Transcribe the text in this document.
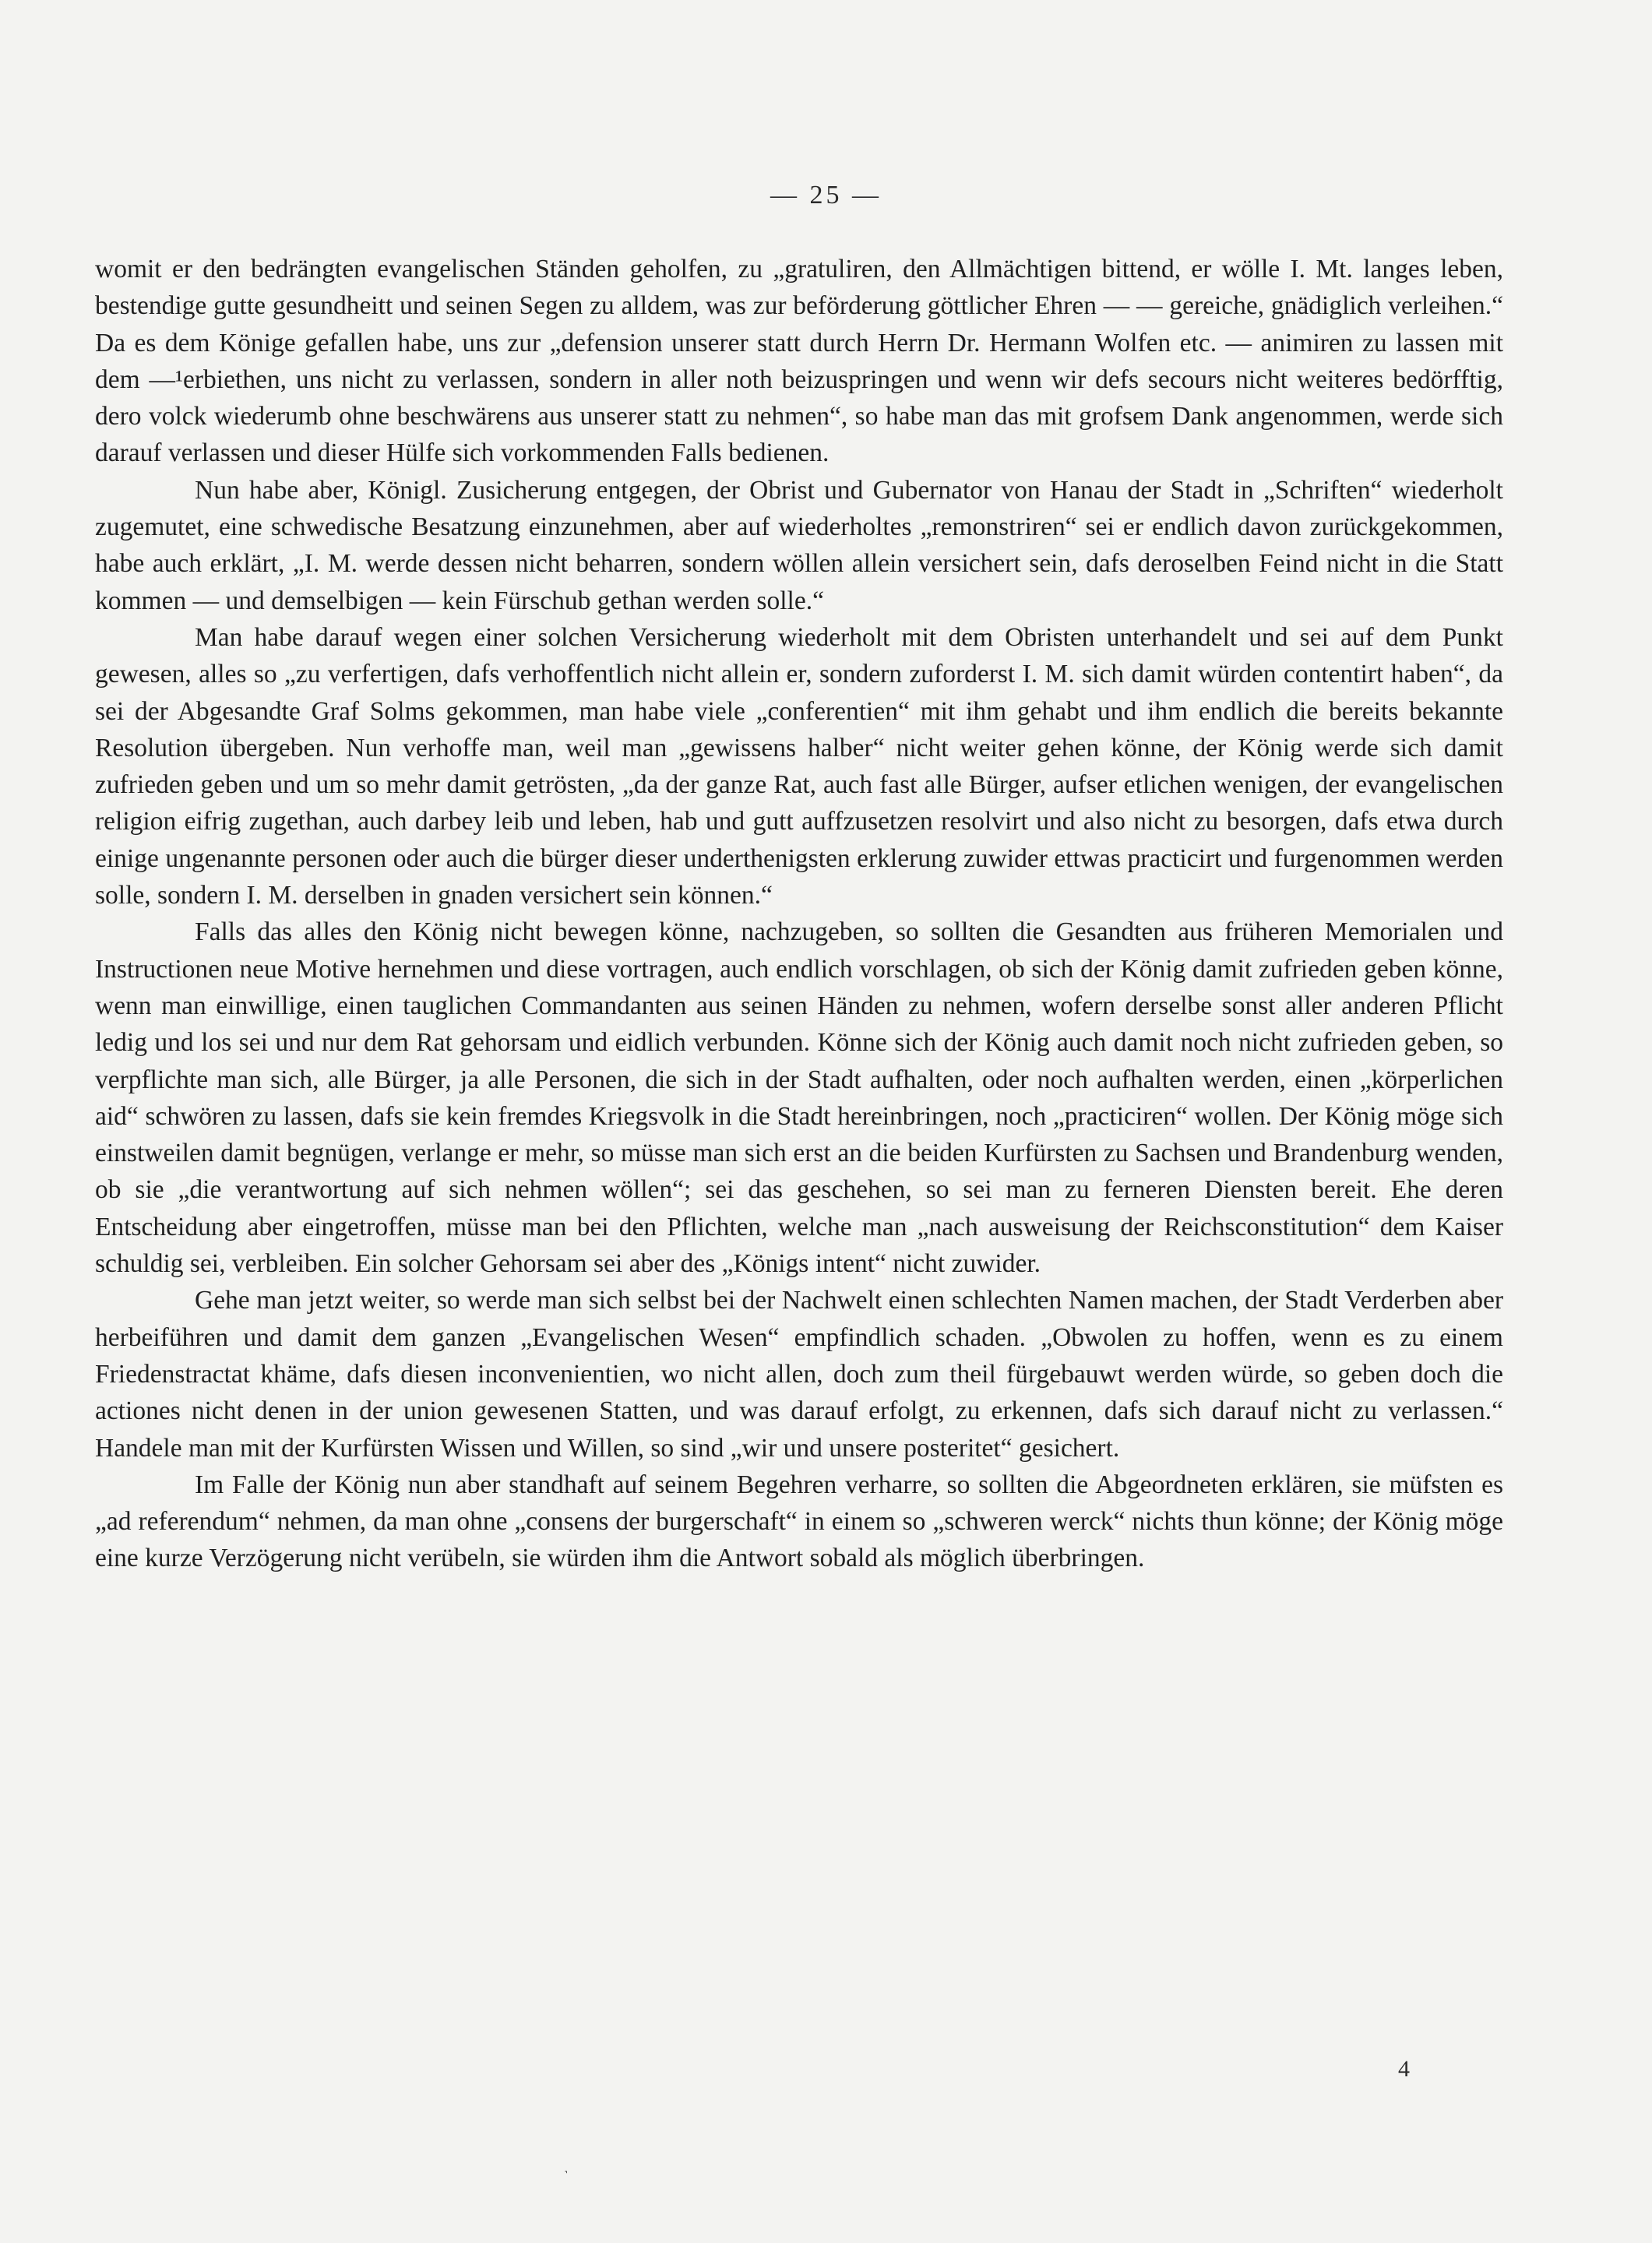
— 25 —

womit er den bedrängten evangelischen Ständen geholfen, zu „gratuliren, den Allmächtigen bittend, er wölle I. Mt. langes leben, bestendige gutte gesundheitt und seinen Segen zu alldem, was zur beförderung göttlicher Ehren — — gereiche, gnädiglich verleihen.“ Da es dem Könige gefallen habe, uns zur „defension unserer statt durch Herrn Dr. Hermann Wolfen etc. — animiren zu lassen mit dem —¹erbiethen, uns nicht zu verlassen, sondern in aller noth beizuspringen und wenn wir defs secours nicht weiteres bedörfftig, dero volck wiederumb ohne beschwärens aus unserer statt zu nehmen“, so habe man das mit grofsem Dank angenommen, werde sich darauf verlassen und dieser Hülfe sich vorkommenden Falls bedienen.

Nun habe aber, Königl. Zusicherung entgegen, der Obrist und Gubernator von Hanau der Stadt in „Schriften“ wiederholt zugemutet, eine schwedische Besatzung einzunehmen, aber auf wiederholtes „remonstriren“ sei er endlich davon zurückgekommen, habe auch erklärt, „I. M. werde dessen nicht beharren, sondern wöllen allein versichert sein, dafs deroselben Feind nicht in die Statt kommen — und demselbigen — kein Fürschub gethan werden solle.“

Man habe darauf wegen einer solchen Versicherung wiederholt mit dem Obristen unterhandelt und sei auf dem Punkt gewesen, alles so „zu verfertigen, dafs verhoffentlich nicht allein er, sondern zuforderst I. M. sich damit würden contentirt haben“, da sei der Abgesandte Graf Solms gekommen, man habe viele „conferentien“ mit ihm gehabt und ihm endlich die bereits bekannte Resolution übergeben. Nun verhoffe man, weil man „gewissens halber“ nicht weiter gehen könne, der König werde sich damit zufrieden geben und um so mehr damit getrösten, „da der ganze Rat, auch fast alle Bürger, aufser etlichen wenigen, der evangelischen religion eifrig zugethan, auch darbey leib und leben, hab und gutt auffzusetzen resolvirt und also nicht zu besorgen, dafs etwa durch einige ungenannte personen oder auch die bürger dieser underthenigsten erklerung zuwider ettwas practicirt und furgenommen werden solle, sondern I. M. derselben in gnaden versichert sein können.“

Falls das alles den König nicht bewegen könne, nachzugeben, so sollten die Gesandten aus früheren Memorialen und Instructionen neue Motive hernehmen und diese vortragen, auch endlich vorschlagen, ob sich der König damit zufrieden geben könne, wenn man einwillige, einen tauglichen Commandanten aus seinen Händen zu nehmen, wofern derselbe sonst aller anderen Pflicht ledig und los sei und nur dem Rat gehorsam und eidlich verbunden. Könne sich der König auch damit noch nicht zufrieden geben, so verpflichte man sich, alle Bürger, ja alle Personen, die sich in der Stadt aufhalten, oder noch aufhalten werden, einen „körperlichen aid“ schwören zu lassen, dafs sie kein fremdes Kriegsvolk in die Stadt hereinbringen, noch „practiciren“ wollen. Der König möge sich einstweilen damit begnügen, verlange er mehr, so müsse man sich erst an die beiden Kurfürsten zu Sachsen und Brandenburg wenden, ob sie „die verantwortung auf sich nehmen wöllen“; sei das geschehen, so sei man zu ferneren Diensten bereit. Ehe deren Entscheidung aber eingetroffen, müsse man bei den Pflichten, welche man „nach ausweisung der Reichsconstitution“ dem Kaiser schuldig sei, verbleiben. Ein solcher Gehorsam sei aber des „Königs intent“ nicht zuwider.

Gehe man jetzt weiter, so werde man sich selbst bei der Nachwelt einen schlechten Namen machen, der Stadt Verderben aber herbeiführen und damit dem ganzen „Evangelischen Wesen“ empfindlich schaden. „Obwolen zu hoffen, wenn es zu einem Friedenstractat khäme, dafs diesen inconvenientien, wo nicht allen, doch zum theil fürgebauwt werden würde, so geben doch die actiones nicht denen in der union gewesenen Statten, und was darauf erfolgt, zu erkennen, dafs sich darauf nicht zu verlassen.“ Handele man mit der Kurfürsten Wissen und Willen, so sind „wir und unsere posteritet“ gesichert.

Im Falle der König nun aber standhaft auf seinem Begehren verharre, so sollten die Abgeordneten erklären, sie müfsten es „ad referendum“ nehmen, da man ohne „consens der burgerschaft“ in einem so „schweren werck“ nichts thun könne; der König möge eine kurze Verzögerung nicht verübeln, sie würden ihm die Antwort sobald als möglich überbringen.

4
˺
